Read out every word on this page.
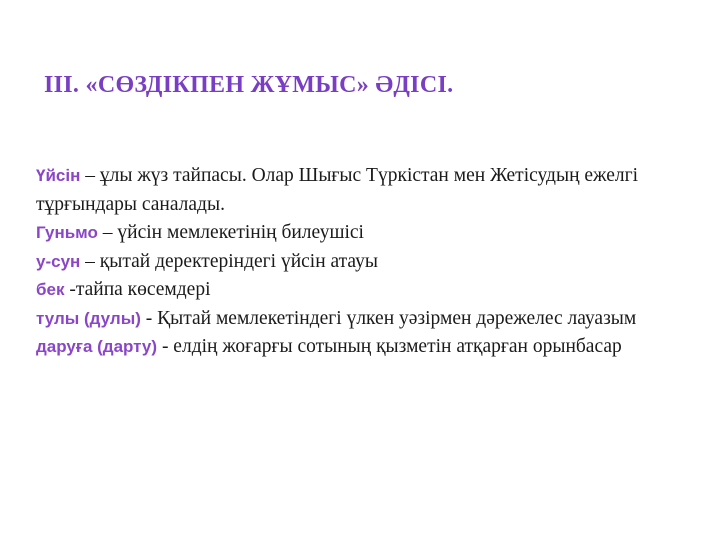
ІІІ. «СӨЗДІКПЕН ЖҰМЫС» ӘДІСІ.

Үйсін – ұлы жүз тайпасы. Олар Шығыс Түркістан мен Жетісудың ежелгі тұрғындары саналады.

Гуньмо – үйсін мемлекетінің билеушісі

у-сун – қытай деректеріндегі үйсін атауы

бек -тайпа көсемдері

тулы (дулы) - Қытай мемлекетіндегі үлкен уәзірмен дәрежелес лауазым

даруға (дарту) - елдің жоғарғы сотының қызметін атқарған орынбасар
